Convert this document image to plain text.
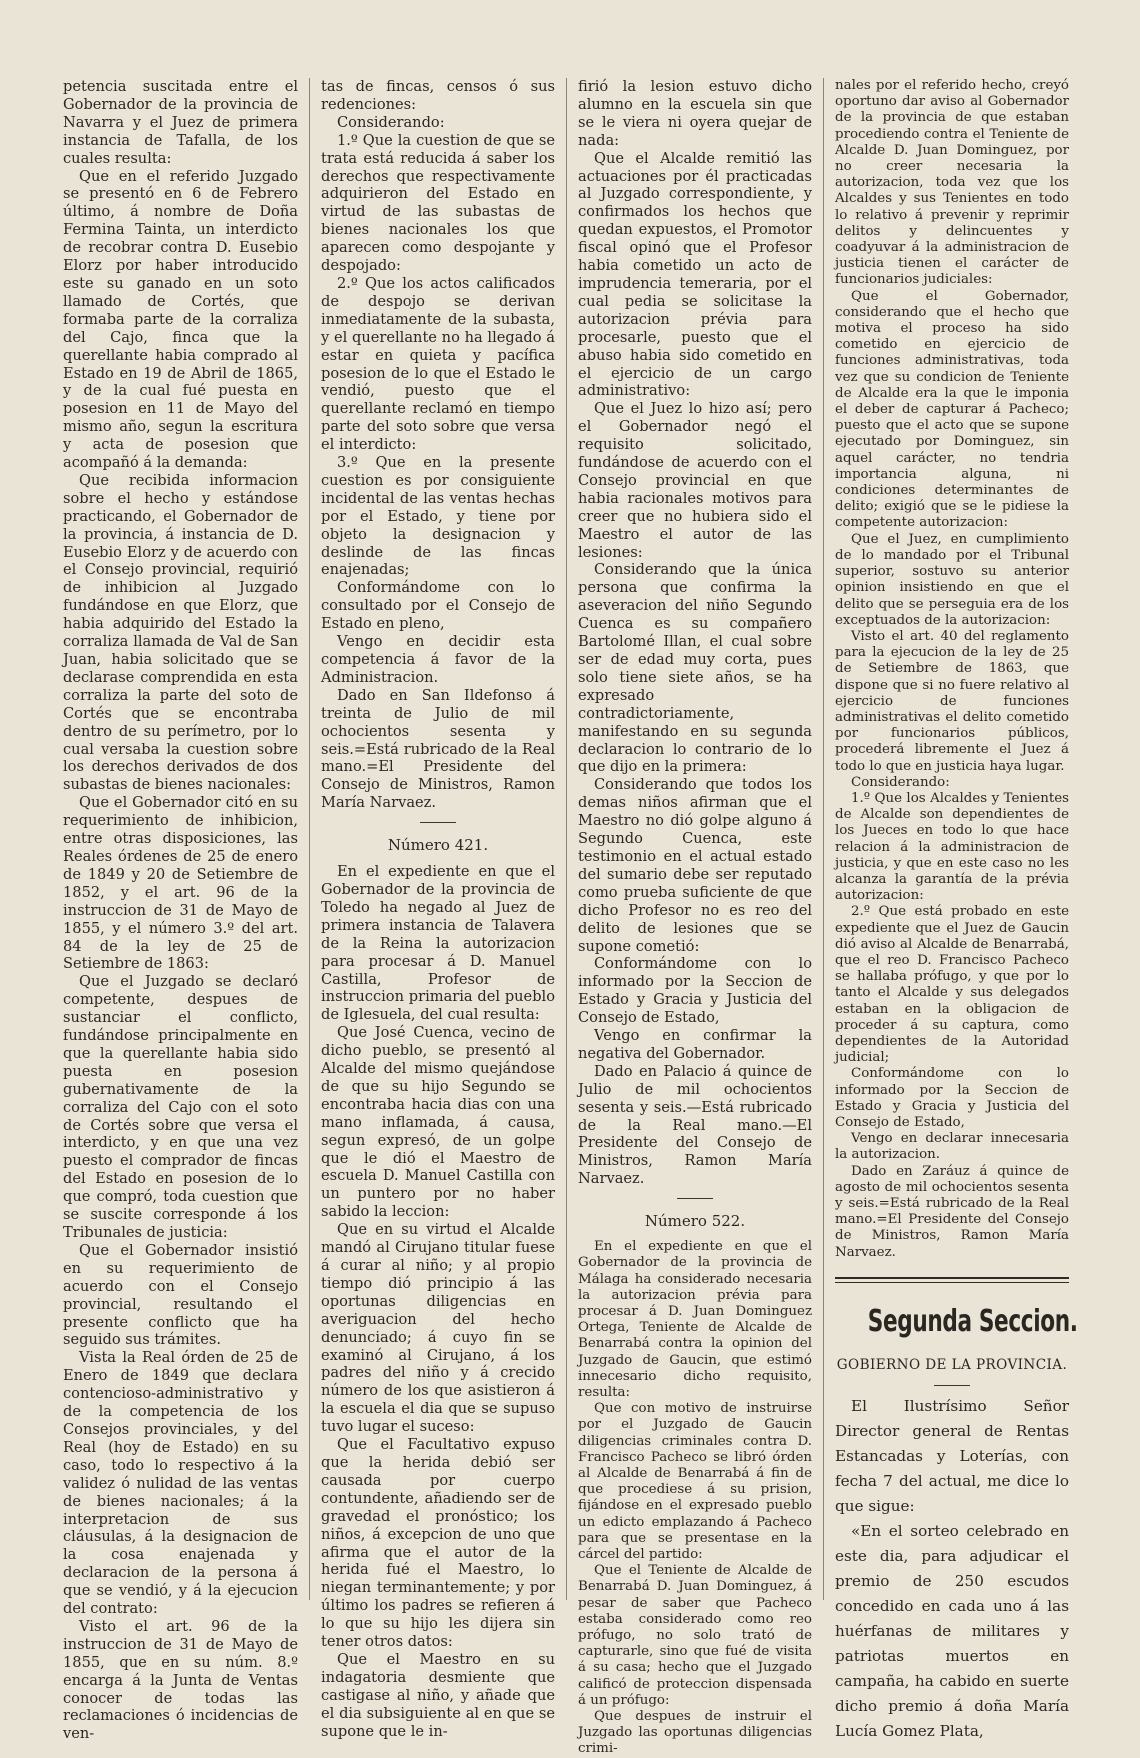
petencia suscitada entre el Gobernador de la provincia de Navarra y el Juez de primera instancia de Tafalla, de los cuales resulta:

Que en el referido Juzgado se presentó en 6 de Febrero último, á nombre de Doña Fermina Tainta, un interdicto de recobrar contra D. Eusebio Elorz por haber introducido este su ganado en un soto llamado de Cortés, que formaba parte de la corraliza del Cajo, finca que la querellante habia comprado al Estado en 19 de Abril de 1865, y de la cual fué puesta en posesion en 11 de Mayo del mismo año, segun la escritura y acta de posesion que acompañó á la demanda:

Que recibida informacion sobre el hecho y estándose practicando, el Gobernador de la provincia, á instancia de D. Eusebio Elorz y de acuerdo con el Consejo provincial, requirió de inhibicion al Juzgado fundándose en que Elorz, que habia adquirido del Estado la corraliza llamada de Val de San Juan, habia solicitado que se declarase comprendida en esta corraliza la parte del soto de Cortés que se encontraba dentro de su perímetro, por lo cual versaba la cuestion sobre los derechos derivados de dos subastas de bienes nacionales:

Que el Gobernador citó en su requerimiento de inhibicion, entre otras disposiciones, las Reales órdenes de 25 de enero de 1849 y 20 de Setiembre de 1852, y el art. 96 de la instruccion de 31 de Mayo de 1855, y el número 3.º del art. 84 de la ley de 25 de Setiembre de 1863:

Que el Juzgado se declaró competente, despues de sustanciar el conflicto, fundándose principalmente en que la querellante habia sido puesta en posesion gubernativamente de la corraliza del Cajo con el soto de Cortés sobre que versa el interdicto, y en que una vez puesto el comprador de fincas del Estado en posesion de lo que compró, toda cuestion que se suscite corresponde á los Tribunales de justicia:

Que el Gobernador insistió en su requerimiento de acuerdo con el Consejo provincial, resultando el presente conflicto que ha seguido sus trámites.

Vista la Real órden de 25 de Enero de 1849 que declara contencioso-administrativo y de la competencia de los Consejos provinciales, y del Real (hoy de Estado) en su caso, todo lo respectivo á la validez ó nulidad de las ventas de bienes nacionales; á la interpretacion de sus cláusulas, á la designacion de la cosa enajenada y declaracion de la persona á que se vendió, y á la ejecucion del contrato:

Visto el art. 96 de la instruccion de 31 de Mayo de 1855, que en su núm. 8.º encarga á la Junta de Ventas conocer de todas las reclamaciones ó incidencias de ven-

tas de fincas, censos ó sus redenciones:

Considerando:

1.º Que la cuestion de que se trata está reducida á saber los derechos que respectivamente adquirieron del Estado en virtud de las subastas de bienes nacionales los que aparecen como despojante y despojado:

2.º Que los actos calificados de despojo se derivan inmediatamente de la subasta, y el querellante no ha llegado á estar en quieta y pacífica posesion de lo que el Estado le vendió, puesto que el querellante reclamó en tiempo parte del soto sobre que versa el interdicto:

3.º Que en la presente cuestion es por consiguiente incidental de las ventas hechas por el Estado, y tiene por objeto la designacion y deslinde de las fincas enajenadas;

Conformándome con lo consultado por el Consejo de Estado en pleno,

Vengo en decidir esta competencia á favor de la Administracion.

Dado en San Ildefonso á treinta de Julio de mil ochocientos sesenta y seis.=Está rubricado de la Real mano.=El Presidente del Consejo de Ministros, Ramon María Narvaez.

Número 421.

En el expediente en que el Gobernador de la provincia de Toledo ha negado al Juez de primera instancia de Talavera de la Reina la autorizacion para procesar á D. Manuel Castilla, Profesor de instruccion primaria del pueblo de Iglesuela, del cual resulta:

Que José Cuenca, vecino de dicho pueblo, se presentó al Alcalde del mismo quejándose de que su hijo Segundo se encontraba hacia dias con una mano inflamada, á causa, segun expresó, de un golpe que le dió el Maestro de escuela D. Manuel Castilla con un puntero por no haber sabido la leccion:

Que en su virtud el Alcalde mandó al Cirujano titular fuese á curar al niño; y al propio tiempo dió principio á las oportunas diligencias en averiguacion del hecho denunciado; á cuyo fin se examinó al Cirujano, á los padres del niño y á crecido número de los que asistieron á la escuela el dia que se supuso tuvo lugar el suceso:

Que el Facultativo expuso que la herida debió ser causada por cuerpo contundente, añadiendo ser de gravedad el pronóstico; los niños, á excepcion de uno que afirma que el autor de la herida fué el Maestro, lo niegan terminantemente; y por último los padres se refieren á lo que su hijo les dijera sin tener otros datos:

Que el Maestro en su indagatoria desmiente que castigase al niño, y añade que el dia subsiguiente al en que se supone que le in-

firió la lesion estuvo dicho alumno en la escuela sin que se le viera ni oyera quejar de nada:

Que el Alcalde remitió las actuaciones por él practicadas al Juzgado correspondiente, y confirmados los hechos que quedan expuestos, el Promotor fiscal opinó que el Profesor habia cometido un acto de imprudencia temeraria, por el cual pedia se solicitase la autorizacion prévia para procesarle, puesto que el abuso habia sido cometido en el ejercicio de un cargo administrativo:

Que el Juez lo hizo así; pero el Gobernador negó el requisito solicitado, fundándose de acuerdo con el Consejo provincial en que habia racionales motivos para creer que no hubiera sido el Maestro el autor de las lesiones:

Considerando que la única persona que confirma la aseveracion del niño Segundo Cuenca es su compañero Bartolomé Illan, el cual sobre ser de edad muy corta, pues solo tiene siete años, se ha expresado contradictoriamente, manifestando en su segunda declaracion lo contrario de lo que dijo en la primera:

Considerando que todos los demas niños afirman que el Maestro no dió golpe alguno á Segundo Cuenca, este testimonio en el actual estado del sumario debe ser reputado como prueba suficiente de que dicho Profesor no es reo del delito de lesiones que se supone cometió:

Conformándome con lo informado por la Seccion de Estado y Gracia y Justicia del Consejo de Estado,

Vengo en confirmar la negativa del Gobernador.

Dado en Palacio á quince de Julio de mil ochocientos sesenta y seis.—Está rubricado de la Real mano.—El Presidente del Consejo de Ministros, Ramon María Narvaez.

Número 522.

En el expediente en que el Gobernador de la provincia de Málaga ha considerado necesaria la autorizacion prévia para procesar á D. Juan Dominguez Ortega, Teniente de Alcalde de Benarrabá contra la opinion del Juzgado de Gaucin, que estimó innecesario dicho requisito, resulta:

Que con motivo de instruirse por el Juzgado de Gaucin diligencias criminales contra D. Francisco Pacheco se libró órden al Alcalde de Benarrabá á fin de que procediese á su prision, fijándose en el expresado pueblo un edicto emplazando á Pacheco para que se presentase en la cárcel del partido:

Que el Teniente de Alcalde de Benarrabá D. Juan Dominguez, á pesar de saber que Pacheco estaba considerado como reo prófugo, no solo trató de capturarle, sino que fué de visita á su casa; hecho que el Juzgado calificó de proteccion dispensada á un prófugo:

Que despues de instruir el Juzgado las oportunas diligencias crimi-

nales por el referido hecho, creyó oportuno dar aviso al Gobernador de la provincia de que estaban procediendo contra el Teniente de Alcalde D. Juan Dominguez, por no creer necesaria la autorizacion, toda vez que los Alcaldes y sus Tenientes en todo lo relativo á prevenir y reprimir delitos y delincuentes y coadyuvar á la administracion de justicia tienen el carácter de funcionarios judiciales:

Que el Gobernador, considerando que el hecho que motiva el proceso ha sido cometido en ejercicio de funciones administrativas, toda vez que su condicion de Teniente de Alcalde era la que le imponia el deber de capturar á Pacheco; puesto que el acto que se supone ejecutado por Dominguez, sin aquel carácter, no tendria importancia alguna, ni condiciones determinantes de delito; exigió que se le pidiese la competente autorizacion:

Que el Juez, en cumplimiento de lo mandado por el Tribunal superior, sostuvo su anterior opinion insistiendo en que el delito que se perseguia era de los exceptuados de la autorizacion:

Visto el art. 40 del reglamento para la ejecucion de la ley de 25 de Setiembre de 1863, que dispone que si no fuere relativo al ejercicio de funciones administrativas el delito cometido por funcionarios públicos, procederá libremente el Juez á todo lo que en justicia haya lugar.

Considerando:

1.º Que los Alcaldes y Tenientes de Alcalde son dependientes de los Jueces en todo lo que hace relacion á la administracion de justicia, y que en este caso no les alcanza la garantía de la prévia autorizacion:

2.º Que está probado en este expediente que el Juez de Gaucin dió aviso al Alcalde de Benarrabá, que el reo D. Francisco Pacheco se hallaba prófugo, y que por lo tanto el Alcalde y sus delegados estaban en la obligacion de proceder á su captura, como dependientes de la Autoridad judicial;

Conformándome con lo informado por la Seccion de Estado y Gracia y Justicia del Consejo de Estado,

Vengo en declarar innecesaria la autorizacion.

Dado en Zaráuz á quince de agosto de mil ochocientos sesenta y seis.=Está rubricado de la Real mano.=El Presidente del Consejo de Ministros, Ramon María Narvaez.

Segunda Seccion.

GOBIERNO DE LA PROVINCIA.

El Ilustrísimo Señor Director general de Rentas Estancadas y Loterías, con fecha 7 del actual, me dice lo que sigue:

«En el sorteo celebrado en este dia, para adjudicar el premio de 250 escudos concedido en cada uno á las huérfanas de militares y patriotas muertos en campaña, ha cabido en suerte dicho premio á doña María Lucía Gomez Plata,
